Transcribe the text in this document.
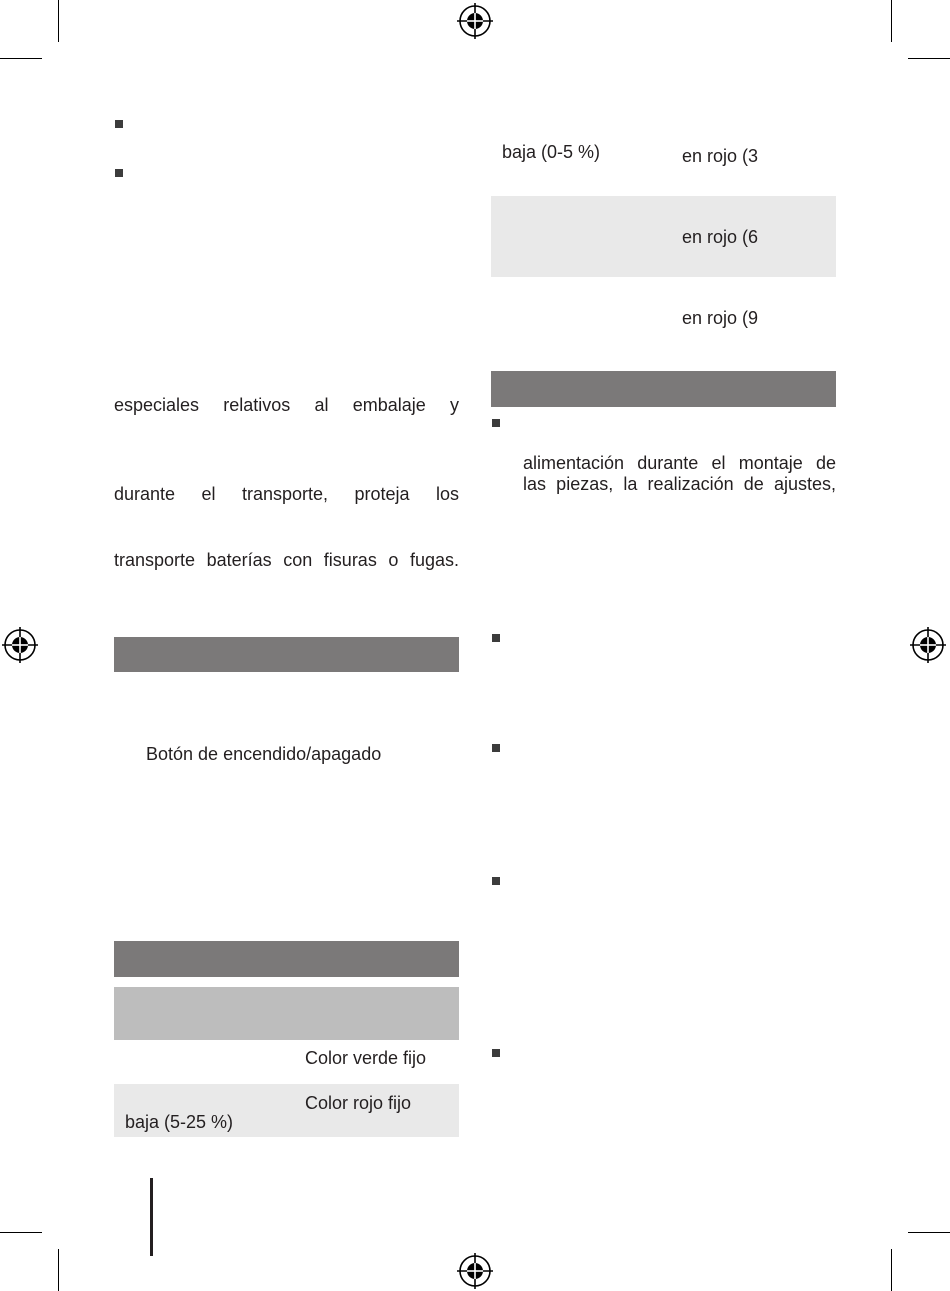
especiales relativos al embalaje y
durante el transporte, proteja los
transporte baterías con fisuras o fugas.
Botón de encendido/apagado
Color verde fijo
Color rojo fijo
baja (5-25 %)
baja (0-5 %)	en rojo (3
en rojo (6
en rojo (9
alimentación durante el montaje de
las piezas, la realización de ajustes,
